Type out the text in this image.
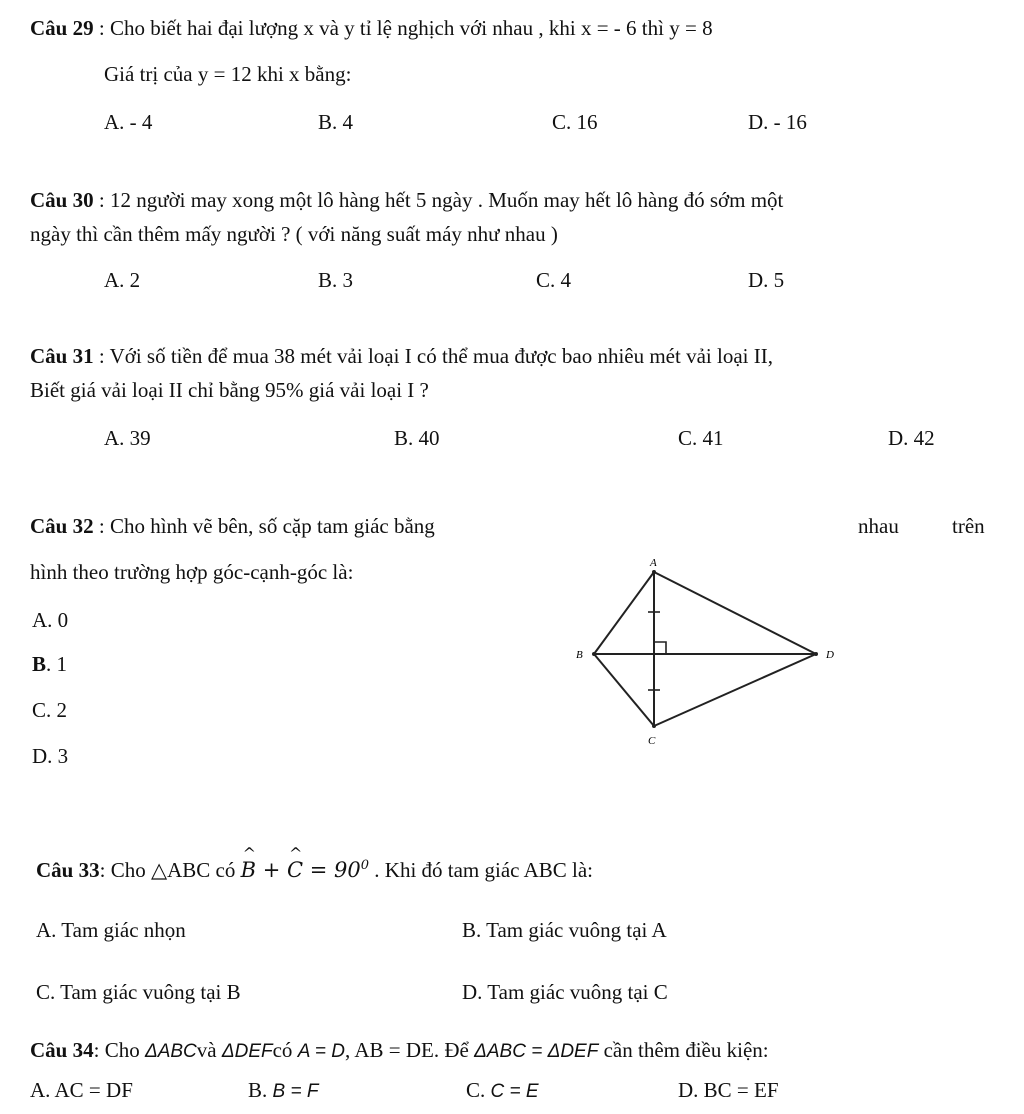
Câu 29 : Cho biết hai đại lượng x và y tỉ lệ nghịch với nhau , khi x = - 6 thì y = 8
Giá trị của y = 12 khi x bằng:
A. - 4	B. 4	C. 16	D. - 16
Câu 30 : 12 người may xong một lô hàng hết 5 ngày . Muốn may hết lô hàng đó sớm một
ngày thì cần thêm mấy người ? ( với năng suất máy như nhau )
A. 2	B. 3	C. 4	D. 5
Câu 31 : Với số tiền để mua 38 mét vải loại I có thể mua được bao nhiêu mét vải loại II,
Biết giá vải loại II chỉ bằng 95% giá vải loại I ?
A. 39	B. 40	C. 41	D. 42
Câu 32 : Cho hình vẽ bên, số cặp tam giác bằng	nhau	trên
hình theo trường hợp góc-cạnh-góc là:
A. 0
B. 1
C. 2
D. 3
A
B
C
D
Câu 33: Cho △ABC có ^ B + ^ $C = 90^0$ . Khi đó tam giác ABC là:
A. Tam giác nhọn	B. Tam giác vuông tại A
C. Tam giác vuông tại B	D. Tam giác vuông tại C
Câu 34: Cho ΔABCvà ΔDEFcó A = D, AB = DE. Để ΔABC = ΔDEF cần thêm điều kiện:
A. AC = DF	B. B = F	C. C = E	D. BC = EF
